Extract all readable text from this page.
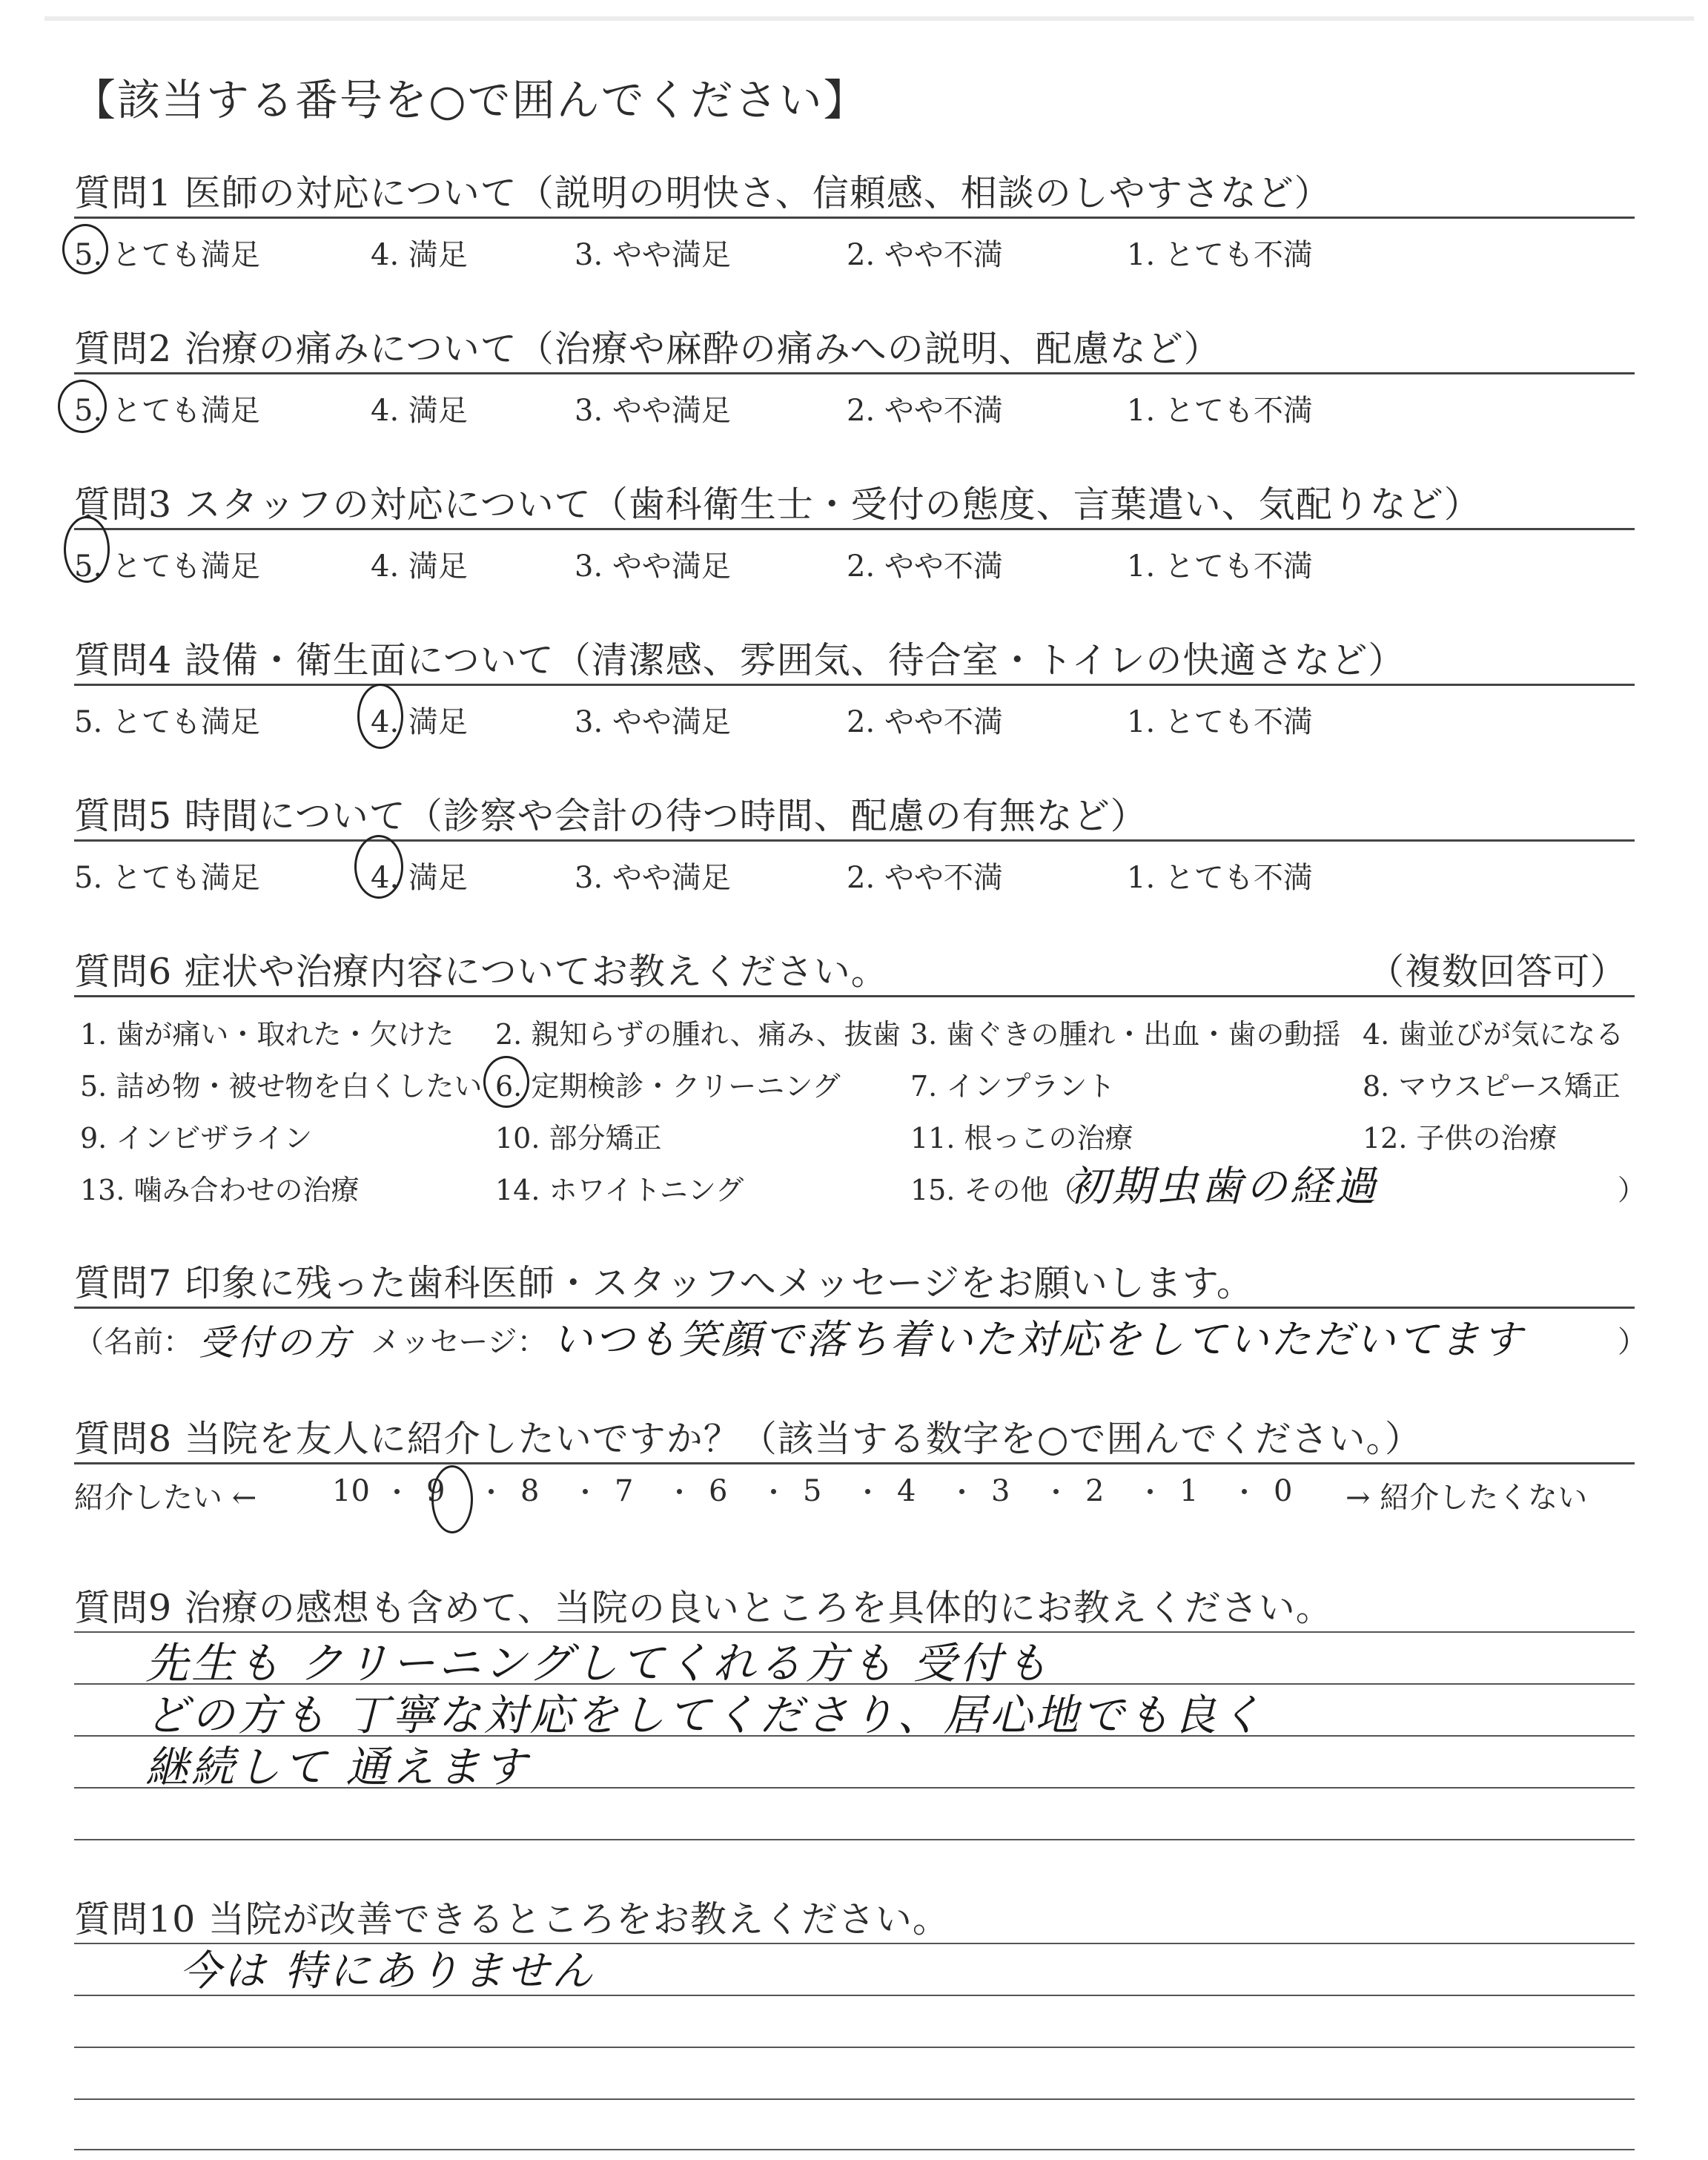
【該当する番号を○で囲んでください】
質問1 医師の対応について（説明の明快さ、信頼感、相談のしやすさなど）
5. とても満足	4. 満足	3. やや満足	2. やや不満	1. とても不満
質問2 治療の痛みについて（治療や麻酔の痛みへの説明、配慮など）
5. とても満足	4. 満足	3. やや満足	2. やや不満	1. とても不満
質問3 スタッフの対応について（歯科衛生士・受付の態度、言葉遣い、気配りなど）
5. とても満足	4. 満足	3. やや満足	2. やや不満	1. とても不満
質問4 設備・衛生面について（清潔感、雰囲気、待合室・トイレの快適さなど）
5. とても満足	4. 満足	3. やや満足	2. やや不満	1. とても不満
質問5 時間について（診察や会計の待つ時間、配慮の有無など）
5. とても満足	4. 満足	3. やや満足	2. やや不満	1. とても不満
質問6 症状や治療内容についてお教えください。	（複数回答可）
1. 歯が痛い・取れた・欠けた 2. 親知らずの腫れ、痛み、抜歯 3. 歯ぐきの腫れ・出血・歯の動揺 4. 歯並びが気になる
5. 詰め物・被せ物を白くしたい 6. 定期検診・クリーニング 7. インプラント	8. マウスピース矯正
9. インビザライン	10. 部分矯正	11. 根っこの治療	12. 子供の治療
13. 噛み合わせの治療	14. ホワイトニング	15. その他（
初期虫歯の経過	）
質問7 印象に残った歯科医師・スタッフへメッセージをお願いします。
（名前： 受付の方 メッセージ： いつも笑顔で落ち着いた対応をしていただいてます	）
質問8 当院を友人に紹介したいですか？（該当する数字を○で囲んでください。）
紹介したい ←	10 9	8	7	6	5	4	3	2	1	0 → 紹介したくない
質問9 治療の感想も含めて、当院の良いところを具体的にお教えください。
先生も クリーニングしてくれる方も 受付も
どの方も 丁寧な対応をしてくださり、居心地でも良く
継続して 通えます
質問10 当院が改善できるところをお教えください。
今は 特にありません
